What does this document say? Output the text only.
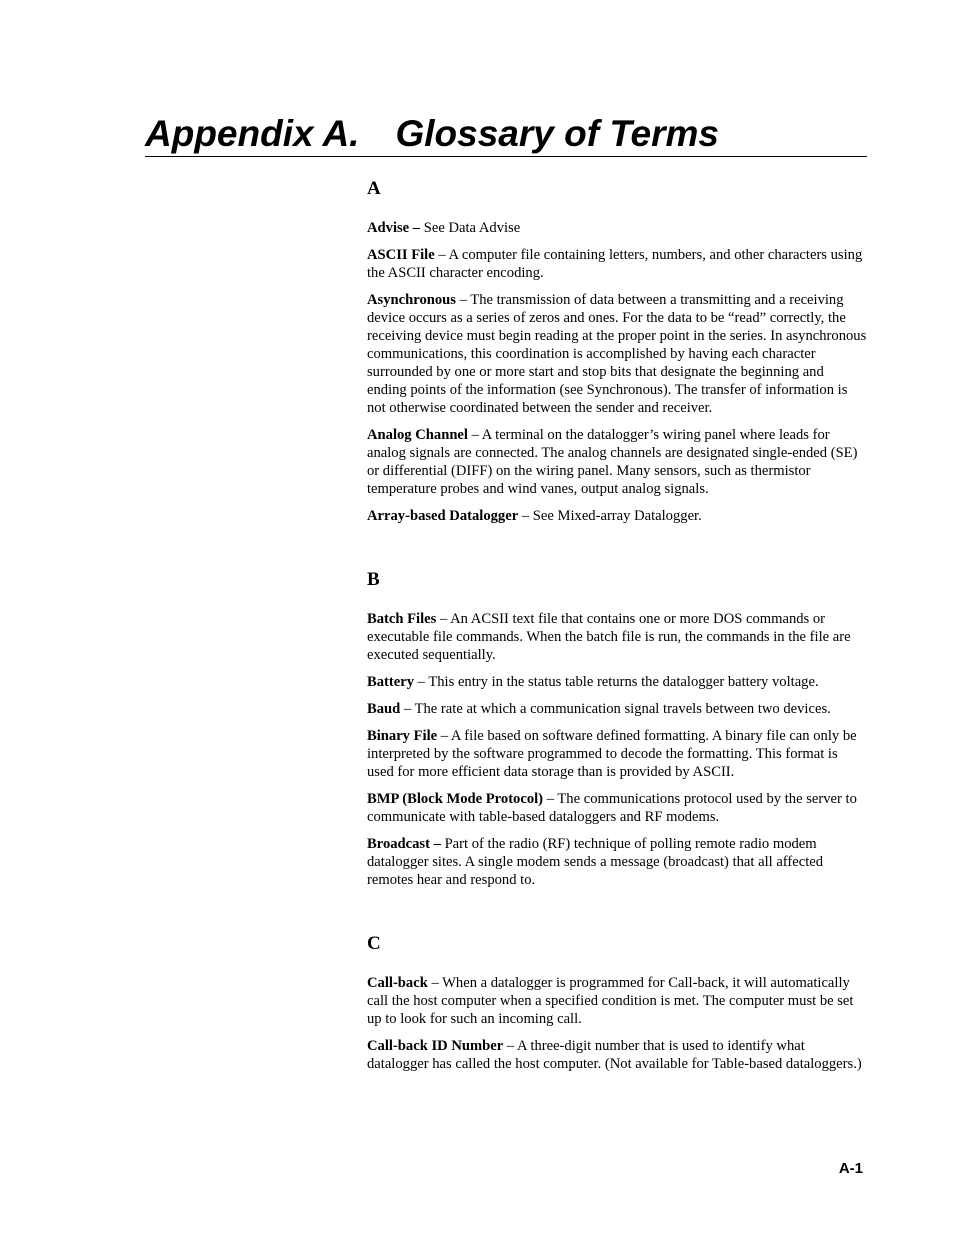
Appendix A. Glossary of Terms

A

Advise – See Data Advise

ASCII File – A computer file containing letters, numbers, and other characters using the ASCII character encoding.

Asynchronous – The transmission of data between a transmitting and a receiving device occurs as a series of zeros and ones. For the data to be “read” correctly, the receiving device must begin reading at the proper point in the series. In asynchronous communications, this coordination is accomplished by having each character surrounded by one or more start and stop bits that designate the beginning and ending points of the information (see Synchronous). The transfer of information is not otherwise coordinated between the sender and receiver.

Analog Channel – A terminal on the datalogger’s wiring panel where leads for analog signals are connected. The analog channels are designated single-ended (SE) or differential (DIFF) on the wiring panel. Many sensors, such as thermistor temperature probes and wind vanes, output analog signals.

Array-based Datalogger – See Mixed-array Datalogger.

B

Batch Files – An ACSII text file that contains one or more DOS commands or executable file commands. When the batch file is run, the commands in the file are executed sequentially.

Battery – This entry in the status table returns the datalogger battery voltage.

Baud – The rate at which a communication signal travels between two devices.

Binary File – A file based on software defined formatting. A binary file can only be interpreted by the software programmed to decode the formatting. This format is used for more efficient data storage than is provided by ASCII.

BMP (Block Mode Protocol) – The communications protocol used by the server to communicate with table-based dataloggers and RF modems.

Broadcast – Part of the radio (RF) technique of polling remote radio modem datalogger sites. A single modem sends a message (broadcast) that all affected remotes hear and respond to.

C

Call-back – When a datalogger is programmed for Call-back, it will automatically call the host computer when a specified condition is met. The computer must be set up to look for such an incoming call.

Call-back ID Number – A three-digit number that is used to identify what datalogger has called the host computer. (Not available for Table-based dataloggers.)

A-1
